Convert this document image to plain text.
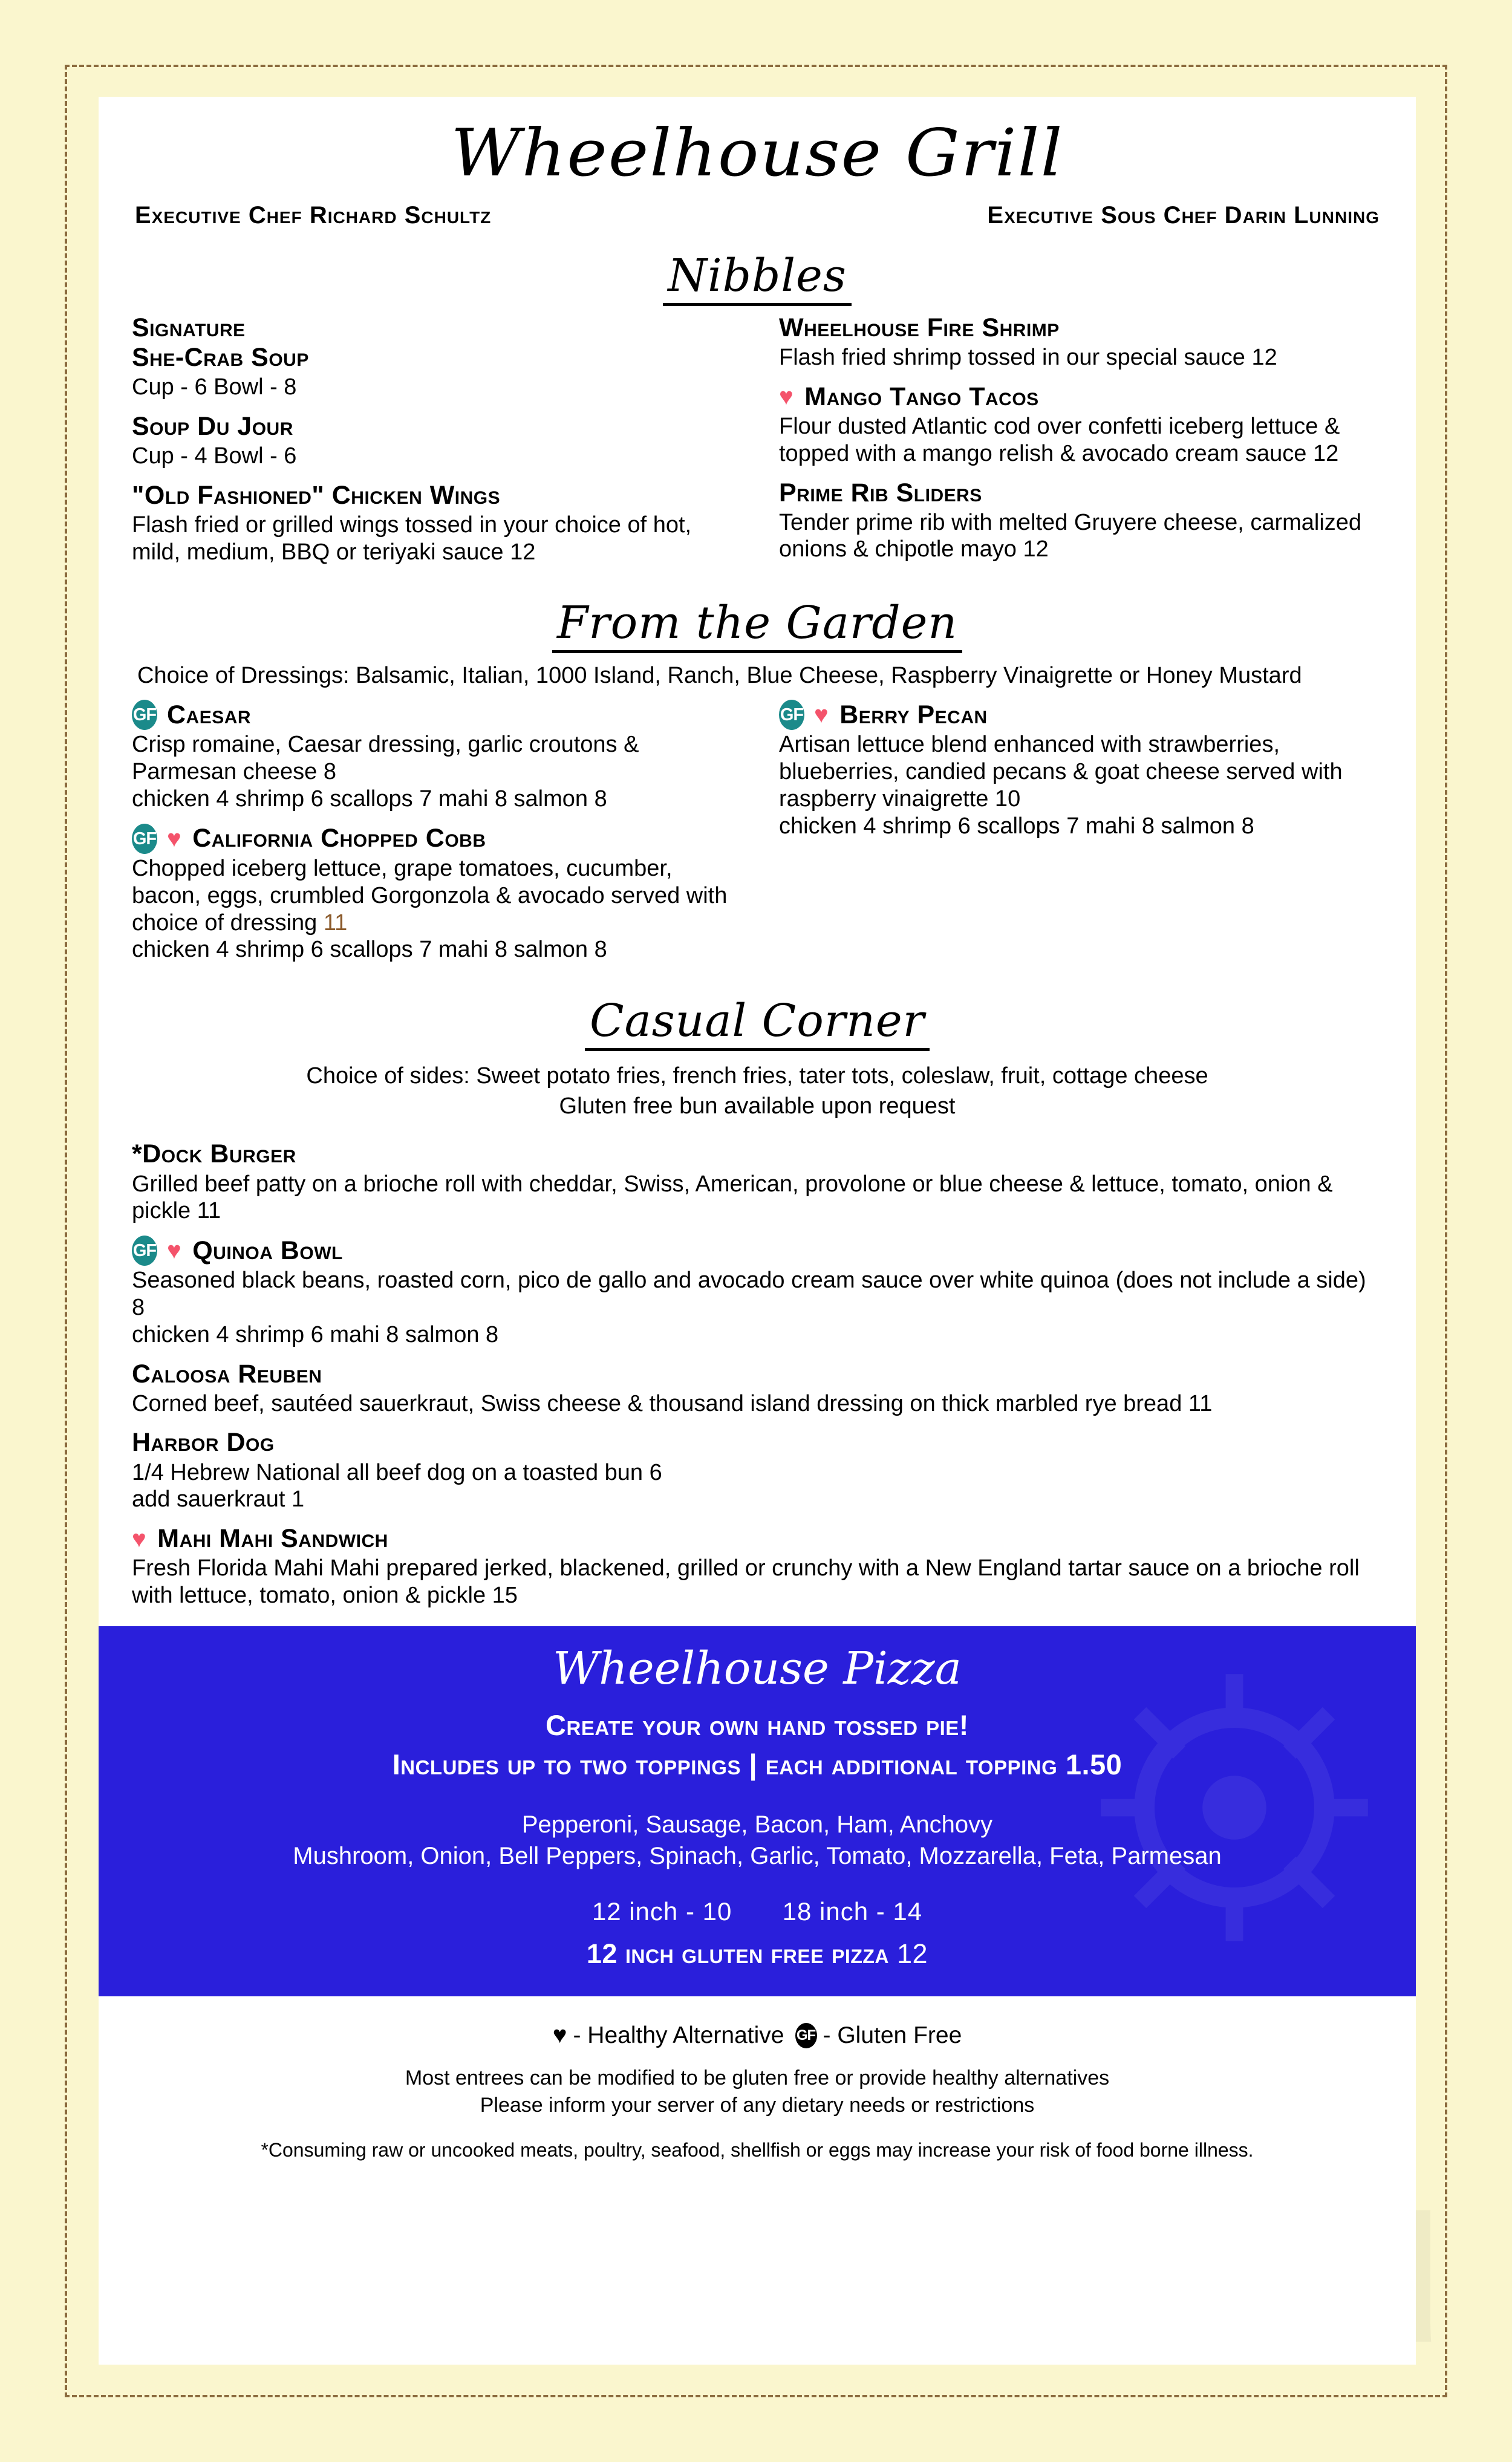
Wheelhouse Grill
Executive Chef Richard Schultz	Executive Sous Chef Darin Lunning
Nibbles
Signature
She-Crab Soup
Cup - 6 Bowl - 8
Soup Du Jour
Cup - 4 Bowl - 6
"Old Fashioned" Chicken Wings
Flash fried or grilled wings tossed in your choice of hot, mild, medium, BBQ or teriyaki sauce 12
Wheelhouse Fire Shrimp
Flash fried shrimp tossed in our special sauce 12
♥ Mango Tango Tacos
Flour dusted Atlantic cod over confetti iceberg lettuce & topped with a mango relish & avocado cream sauce 12
Prime Rib Sliders
Tender prime rib with melted Gruyere cheese, carmalized onions & chipotle mayo 12
From the Garden
Choice of Dressings: Balsamic, Italian, 1000 Island, Ranch, Blue Cheese, Raspberry Vinaigrette or Honey Mustard
GF Caesar
Crisp romaine, Caesar dressing, garlic croutons & Parmesan cheese 8
chicken 4 shrimp 6 scallops 7 mahi 8 salmon 8
GF ♥ California Chopped Cobb
Chopped iceberg lettuce, grape tomatoes, cucumber, bacon, eggs, crumbled Gorgonzola & avocado served with choice of dressing 11
chicken 4 shrimp 6 scallops 7 mahi 8 salmon 8
GF ♥ Berry Pecan
Artisan lettuce blend enhanced with strawberries, blueberries, candied pecans & goat cheese served with raspberry vinaigrette 10
chicken 4 shrimp 6 scallops 7 mahi 8 salmon 8
Casual Corner
Choice of sides: Sweet potato fries, french fries, tater tots, coleslaw, fruit, cottage cheese
Gluten free bun available upon request
*Dock Burger
Grilled beef patty on a brioche roll with cheddar, Swiss, American, provolone or blue cheese & lettuce, tomato, onion & pickle 11
GF ♥ Quinoa Bowl
Seasoned black beans, roasted corn, pico de gallo and avocado cream sauce over white quinoa (does not include a side) 8
chicken 4 shrimp 6 mahi 8 salmon 8
Caloosa Reuben
Corned beef, sautéed sauerkraut, Swiss cheese & thousand island dressing on thick marbled rye bread 11
Harbor Dog
1/4 Hebrew National all beef dog on a toasted bun 6
add sauerkraut 1
♥ Mahi Mahi Sandwich
Fresh Florida Mahi Mahi prepared jerked, blackened, grilled or crunchy with a New England tartar sauce on a brioche roll with lettuce, tomato, onion & pickle 15
Wheelhouse Pizza
Create your own hand tossed pie!
Includes up to two toppings | each additional topping 1.50
Pepperoni, Sausage, Bacon, Ham, Anchovy
Mushroom, Onion, Bell Peppers, Spinach, Garlic, Tomato, Mozzarella, Feta, Parmesan
12 inch - 10 18 inch - 14
12 inch gluten free pizza 12
♥ - Healthy Alternative GF - Gluten Free
Most entrees can be modified to be gluten free or provide healthy alternatives
Please inform your server of any dietary needs or restrictions
*Consuming raw or uncooked meats, poultry, seafood, shellfish or eggs may increase your risk of food borne illness.
